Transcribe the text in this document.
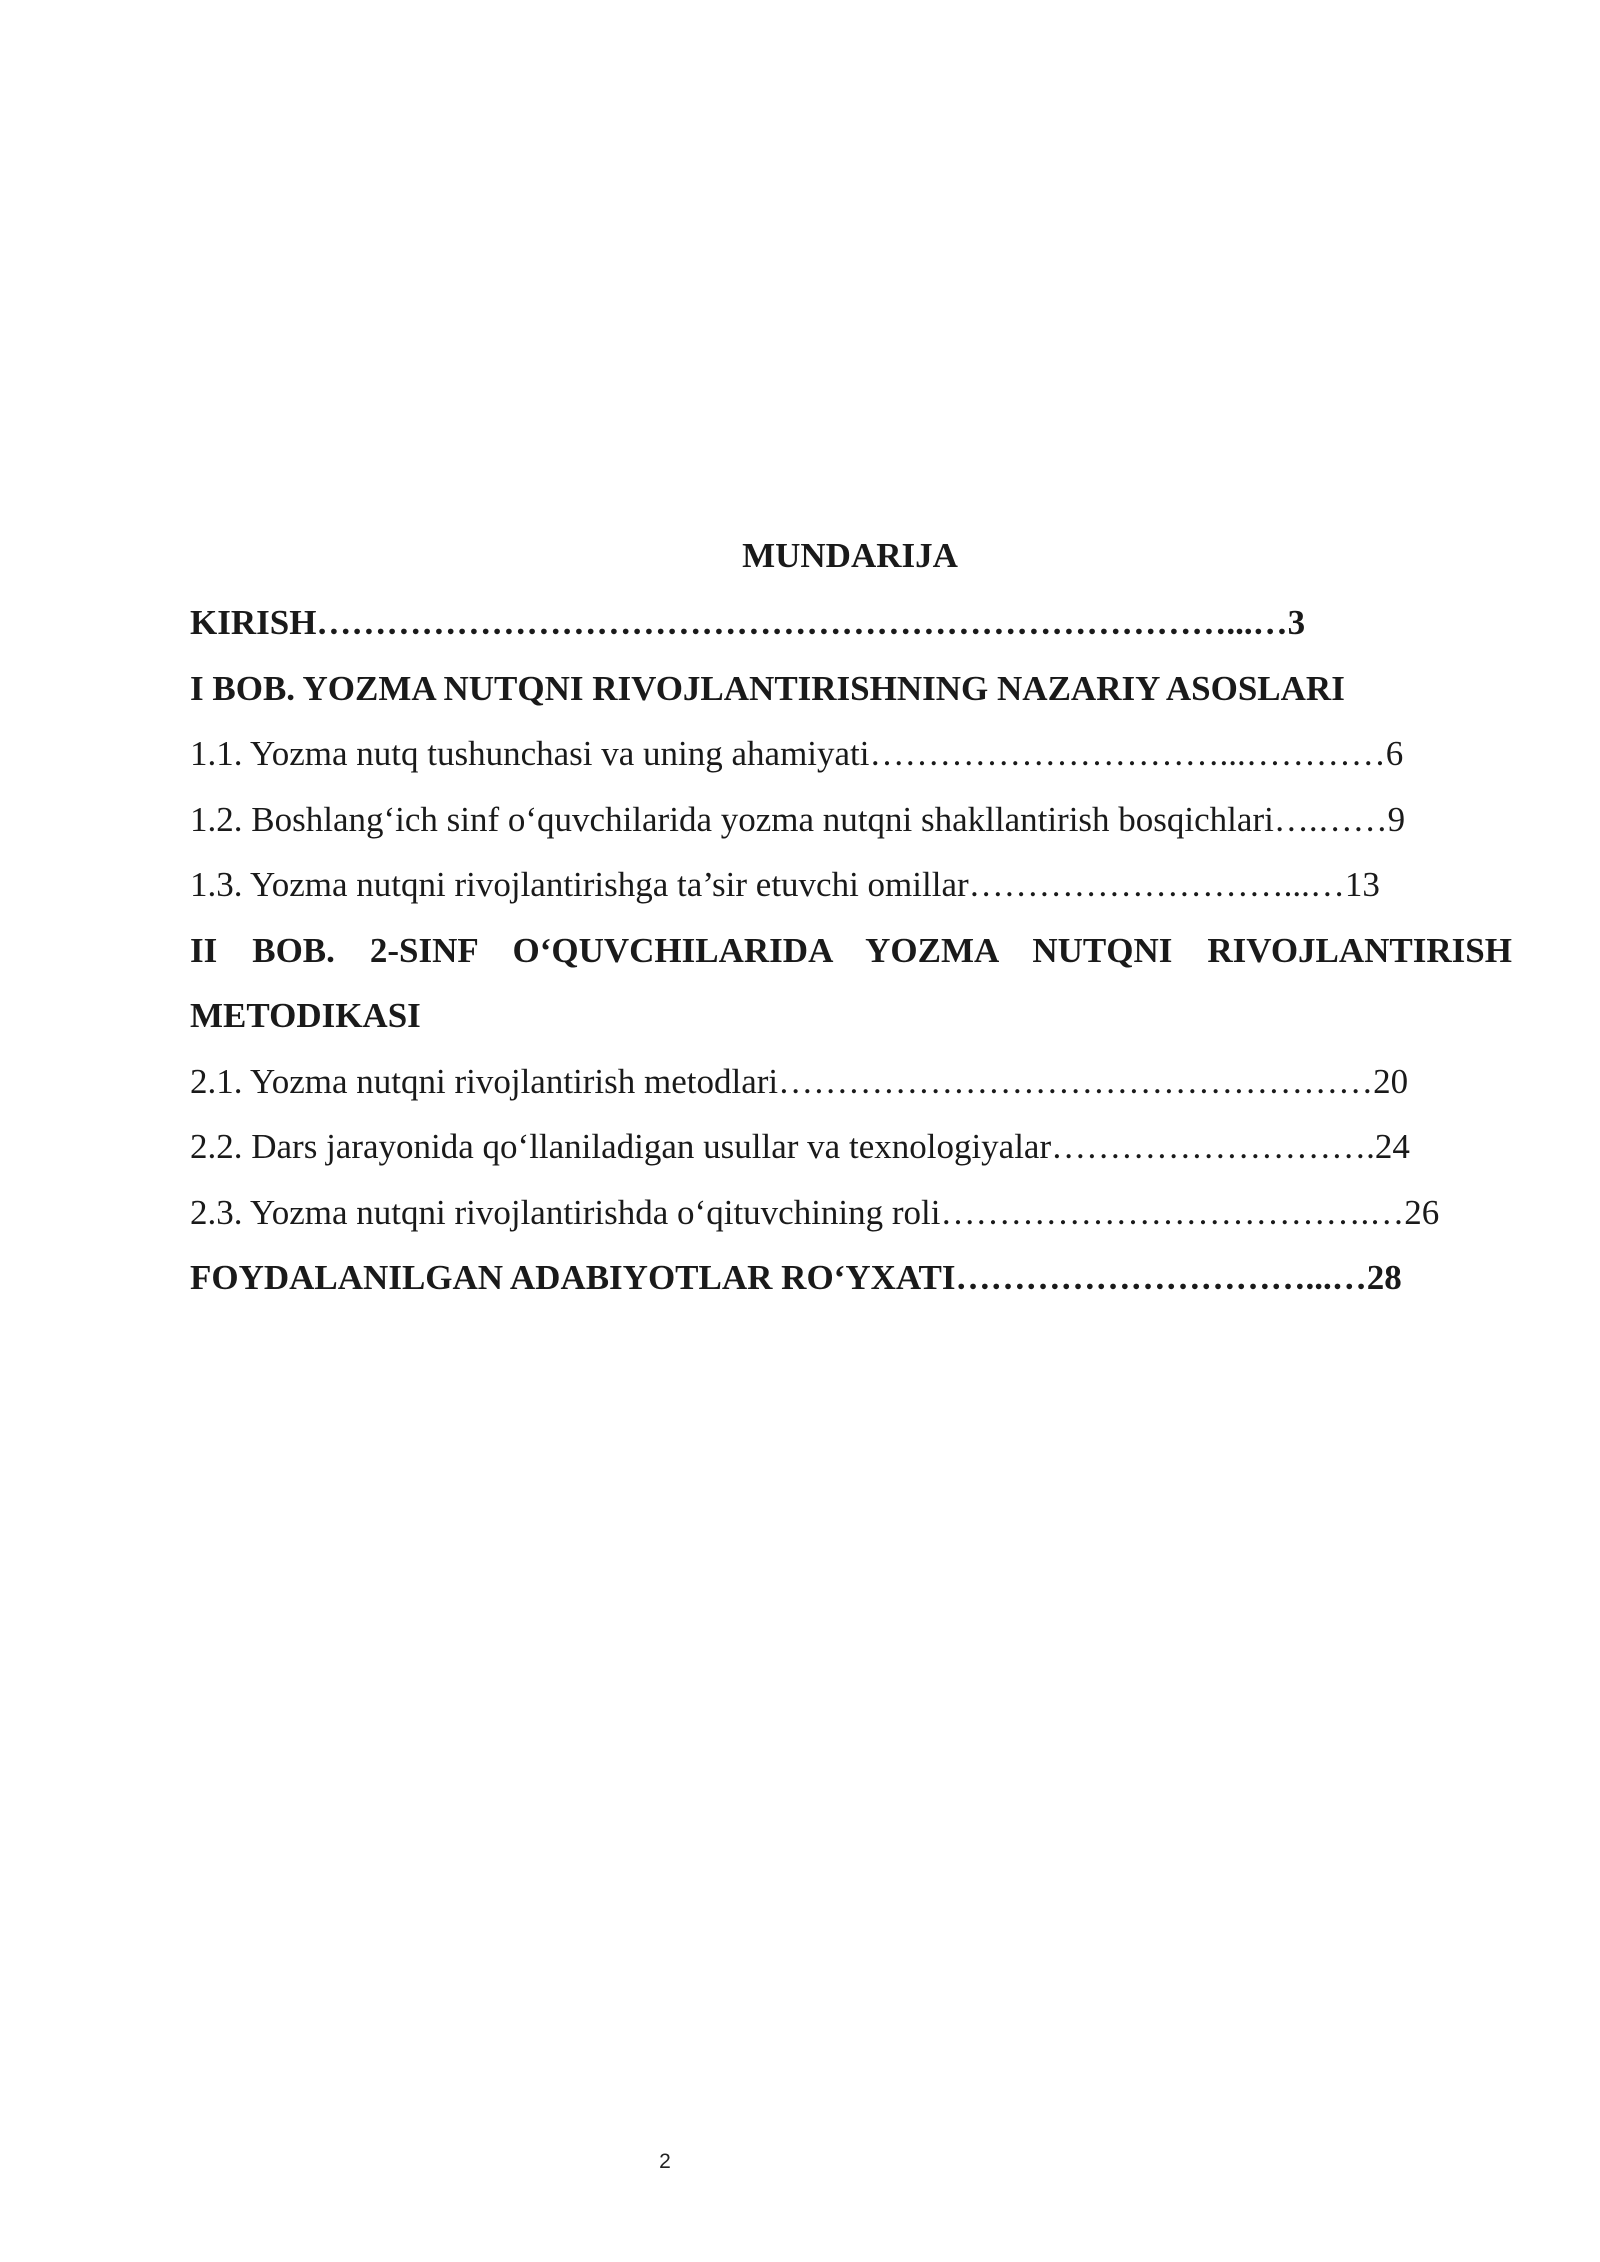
MUNDARIJA
KIRISH……………………………………………………………………...…3
I BOB. YOZMA NUTQNI RIVOJLANTIRISHNING NAZARIY ASOSLARI
1.1. Yozma nutq tushunchasi va uning ahamiyati…………………………...…………6
1.2. Boshlang‘ich sinf o‘quvchilarida yozma nutqni shakllantirish bosqichlari….……9
1.3. Yozma nutqni rivojlantirishga ta’sir etuvchi omillar………………………...…13
II BOB. 2-SINF O‘QUVCHILARIDA YOZMA NUTQNI RIVOJLANTIRISH
METODIKASI
2.1. Yozma nutqni rivojlantirish metodlari……………………………………………20
2.2. Dars jarayonida qo‘llaniladigan usullar va texnologiyalar……………………….24
2.3. Yozma nutqni rivojlantirishda o‘qituvchining roli……………………………….…26
FOYDALANILGAN ADABIYOTLAR RO‘YXATI…………………………...…28
2
